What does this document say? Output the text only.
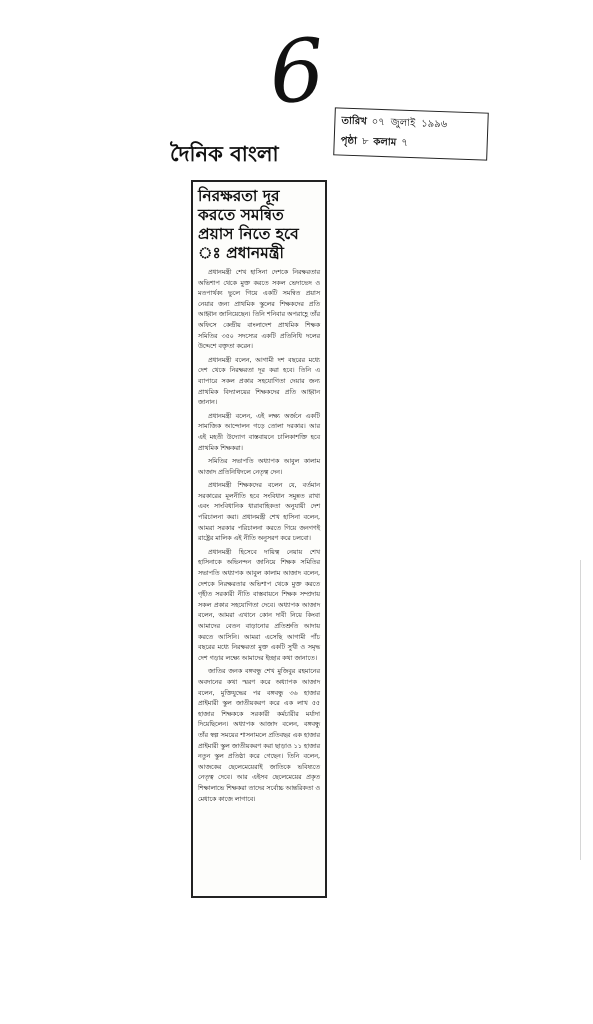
6	তারিখ ০৭ জুলাই ১৯৯৬
পৃষ্ঠা ৮ কলাম ৭
দৈনিক বাংলা
নিরক্ষরতা দূর করতে সমন্বিত প্রয়াস নিতে হবে ঃ প্রধানমন্ত্রী

প্রধানমন্ত্রী শেখ হাসিনা দেশকে নিরক্ষরতার অভিশাপ থেকে মুক্ত করতে সকল ভেদাভেদ ও মতপার্থক্য ভুলে গিয়ে একটি সমন্বিত প্রয়াস নেয়ার জন্য প্রাথমিক স্কুলের শিক্ষকদের প্রতি আহ্বান জানিয়েছেন। তিনি শনিবার অপরাহ্ণে তাঁর অফিসে কেন্দ্রীয় বাংলাদেশ প্রাথমিক শিক্ষক সমিতির ৩৫০ সদস্যের একটি প্রতিনিধি দলের উদ্দেশে বক্তৃতা করেন।

প্রধানমন্ত্রী বলেন, আগামী দশ বছরের মধ্যে দেশ থেকে নিরক্ষরতা দূর করা হবে। তিনি এ ব্যাপারে সকল প্রকার সহযোগিতা দেয়ার জন্য প্রাথমিক বিদ্যালয়ের শিক্ষকদের প্রতি আহ্বান জানান।

প্রধানমন্ত্রী বলেন, এই লক্ষ্য অর্জনে একটি সামাজিক আন্দোলন গড়ে তোলা দরকার। আর এই মহতী উদ্যোগ বাস্তবায়নে চালিকাশক্তি হবে প্রাথমিক শিক্ষকরা।

সমিতির সভাপতি অধ্যাপক আবুল কালাম আজাদ প্রতিনিধিদলে নেতৃত্ব দেন।

প্রধানমন্ত্রী শিক্ষকদের বলেন যে, বর্তমান সরকারের মূলনীতি হবে সংবিধান সমুন্নত রাখা এবং সাংবিধানিক ধারাবাহিকতা অনুযায়ী দেশ পরিচালনা করা। প্রধানমন্ত্রী শেখ হাসিনা বলেন, আমরা সরকার পরিচালনা করতে গিয়ে জনগণই রাষ্ট্রের মালিক এই নীতি অনুসরণ করে চলবো।

প্রধানমন্ত্রী হিসেবে দায়িত্ব নেয়ায় শেখ হাসিনাকে অভিনন্দন জানিয়ে শিক্ষক সমিতির সভাপতি অধ্যাপক আবুল কালাম আজাদ বলেন, দেশকে নিরক্ষরতার অভিশাপ থেকে মুক্ত করতে গৃহীত সরকারী নীতি বাস্তবায়নে শিক্ষক সম্প্রদায় সকল প্রকার সহযোগিতা দেবে। অধ্যাপক আজাদ বলেন, আমরা এখানে কোন দাবী নিয়ে কিংবা আমাদের বেতন বাড়ানোর প্রতিশ্রুতি আদায় করতে আসিনি। আমরা এসেছি আগামী পাঁচ বছরের মধ্যে নিরক্ষরতা মুক্ত একটি সুখী ও সমৃদ্ধ দেশ গড়ার লক্ষ্যে আমাদের ইচ্ছার কথা জানাতে।

জাতির জনক বঙ্গবন্ধু শেখ মুজিবুর রহমানের অবদানের কথা স্মরণ করে অধ্যাপক আজাদ বলেন, মুক্তিযুদ্ধের পর বঙ্গবন্ধু ৩৬ হাজার প্রাইমারী স্কুল জাতীয়করণ করে এক লাখ ৫৫ হাজার শিক্ষককে সরকারী কর্মচারীর মর্যাদা দিয়েছিলেন। অধ্যাপক আজাদ বলেন, বঙ্গবন্ধু তাঁর স্বল্প সময়ের শাসনামলে প্রতিবছর এক হাজার প্রাইমারী স্কুল জাতীয়করণ করা ছাড়াও ১১ হাজার নতুন স্কুল প্রতিষ্ঠা করে গেছেন। তিনি বলেন, আজকের ছেলেমেয়েরাই জাতিকে ভবিষ্যতে নেতৃত্ব দেবে। আর এইসব ছেলেমেয়ের প্রকৃত শিক্ষালাভে শিক্ষকরা তাদের সর্বোচ্চ আন্তরিকতা ও মেধাকে কাজে লাগাবে।
